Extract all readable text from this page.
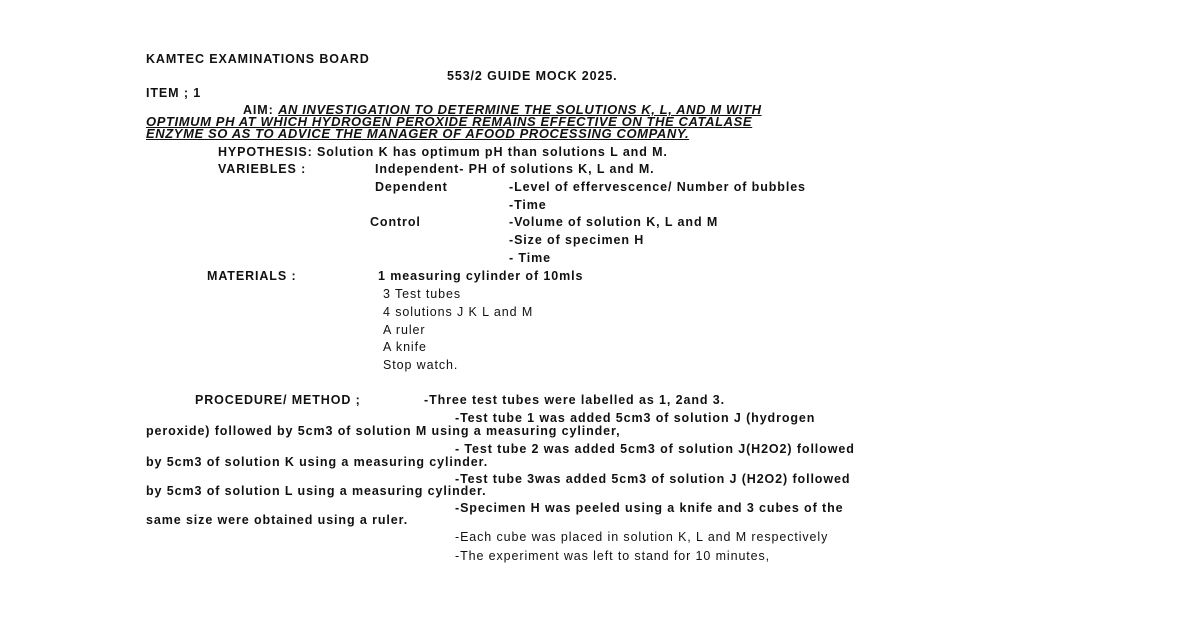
KAMTEC EXAMINATIONS BOARD
553/2 GUIDE MOCK 2025.
ITEM ; 1
AIM: AN INVESTIGATION TO DETERMINE THE SOLUTIONS K, L, AND M WITH
OPTIMUM PH AT WHICH HYDROGEN PEROXIDE REMAINS EFFECTIVE ON THE CATALASE
ENZYME SO AS TO ADVICE THE MANAGER OF AFOOD PROCESSING COMPANY.
HYPOTHESIS: Solution K has optimum pH than solutions L and M.
VARIEBLES :	Independent- PH of solutions K, L and M.
Dependent	-Level of effervescence/ Number of bubbles
-Time
Control	-Volume of solution K, L and M
-Size of specimen H
- Time
MATERIALS :	1 measuring cylinder of 10mls
3 Test tubes
4 solutions J K L and M
A ruler
A knife
Stop watch.
PROCEDURE/ METHOD ;	-Three test tubes were labelled as 1, 2and 3.
-Test tube 1 was added 5cm3 of solution J (hydrogen
peroxide) followed by 5cm3 of solution M using a measuring cylinder,
- Test tube 2 was added 5cm3 of solution J(H2O2) followed
by 5cm3 of solution K using a measuring cylinder.
-Test tube 3was added 5cm3 of solution J (H2O2) followed
by 5cm3 of solution L using a measuring cylinder.
-Specimen H was peeled using a knife and 3 cubes of the
same size were obtained using a ruler.
-Each cube was placed in solution K, L and M respectively
-The experiment was left to stand for 10 minutes,
